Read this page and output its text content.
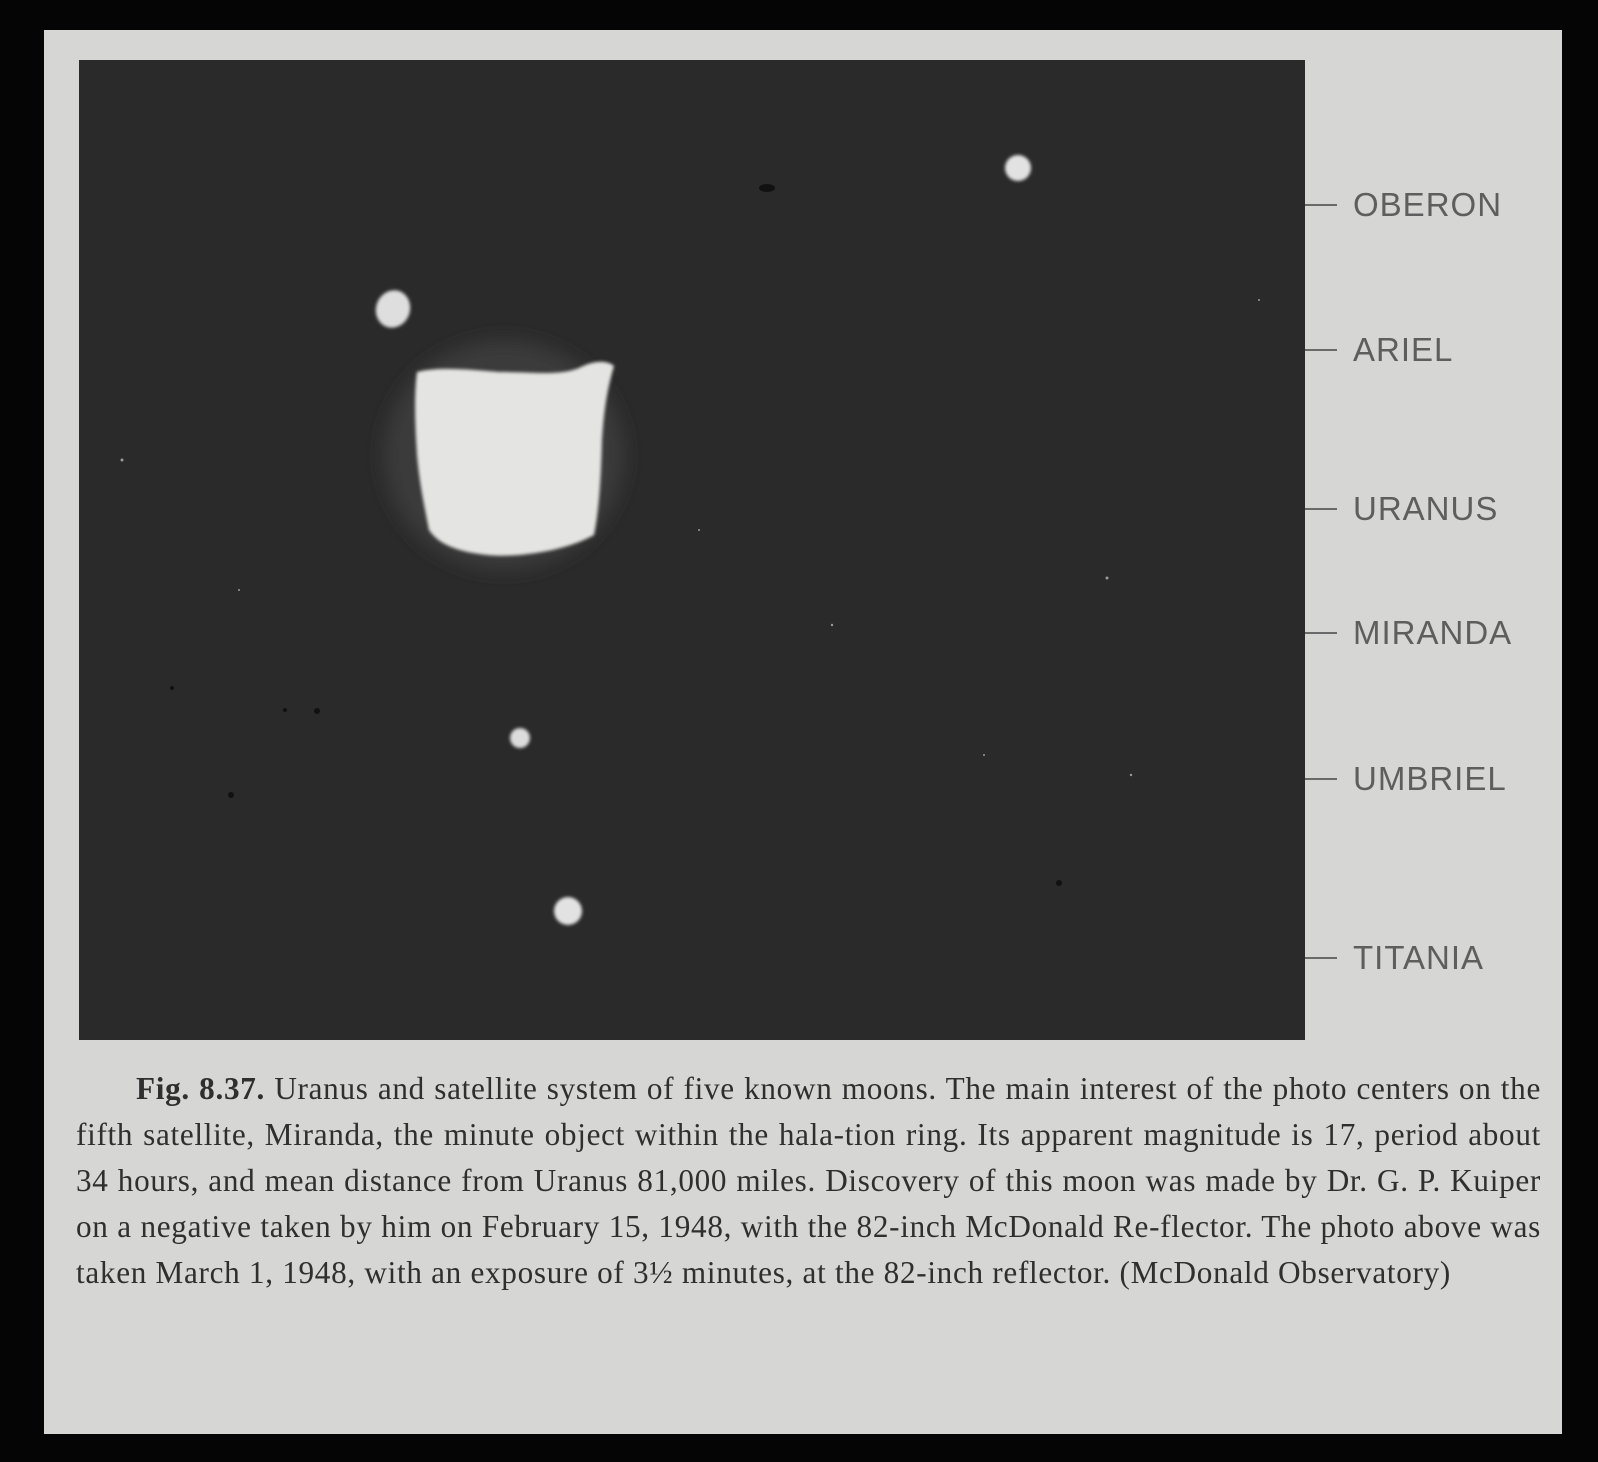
OBERON
ARIEL
URANUS
MIRANDA
UMBRIEL
TITANIA
Fig. 8.37. Uranus and satellite system of five known moons. The main interest of the photo centers on the fifth satellite, Miranda, the minute object within the hala-tion ring. Its apparent magnitude is 17, period about 34 hours, and mean distance from Uranus 81,000 miles. Discovery of this moon was made by Dr. G. P. Kuiper on a negative taken by him on February 15, 1948, with the 82-inch McDonald Re-flector. The photo above was taken March 1, 1948, with an exposure of 3½ minutes, at the 82-inch reflector. (McDonald Observatory)
